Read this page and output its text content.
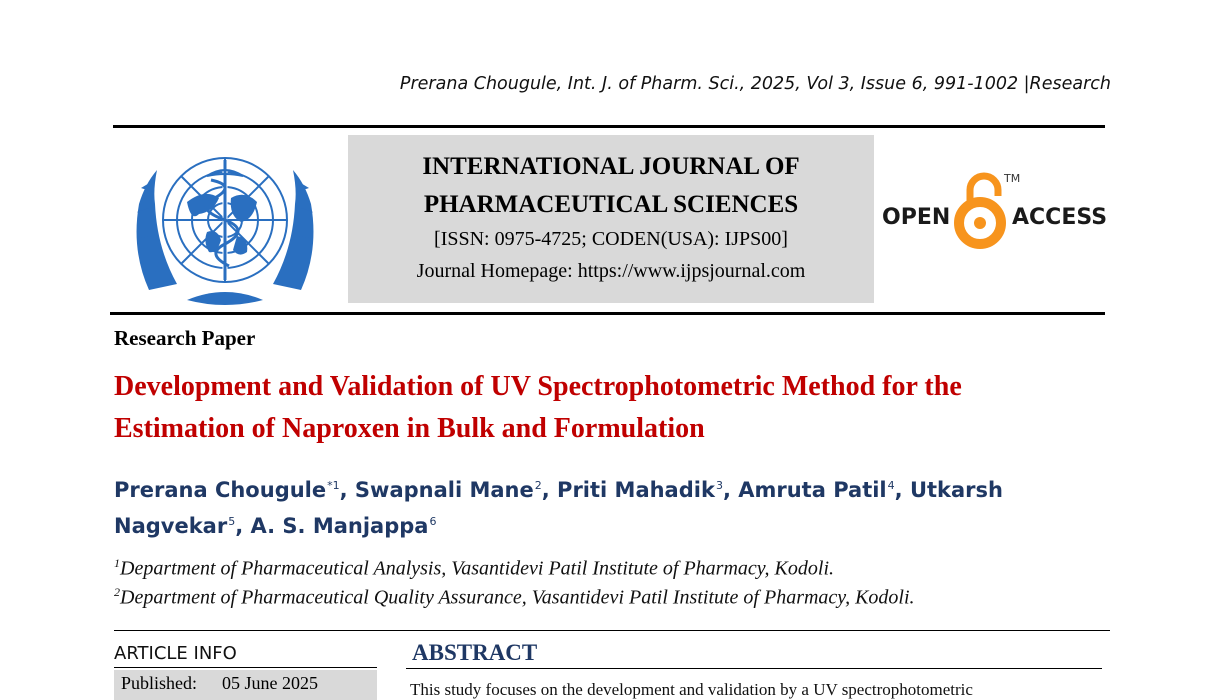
Prerana Chougule, Int. J. of Pharm. Sci., 2025, Vol 3, Issue 6, 991-1002 |Research
INTERNATIONAL JOURNAL OF
PHARMACEUTICAL SCIENCES
[ISSN: 0975-4725; CODEN(USA): IJPS00]
Journal Homepage: https://www.ijpsjournal.com
OPEN	ACCESS
TM
Research Paper
Development and Validation of UV Spectrophotometric Method for the
Estimation of Naproxen in Bulk and Formulation
Prerana Chougule$^{*1}$, Swapnali Mane$^2$, Priti Mahadik$^3$, Amruta Patil$^4$, Utkarsh Nagvekar$^5$, A. S. Manjappa$^6$
$^1$Department of Pharmaceutical Analysis, Vasantidevi Patil Institute of Pharmacy, Kodoli.
$^2$Department of Pharmaceutical Quality Assurance, Vasantidevi Patil Institute of Pharmacy, Kodoli.
ARTICLE INFO
Published: 05 June 2025
ABSTRACT
This study focuses on the development and validation by a UV spectrophotometric
